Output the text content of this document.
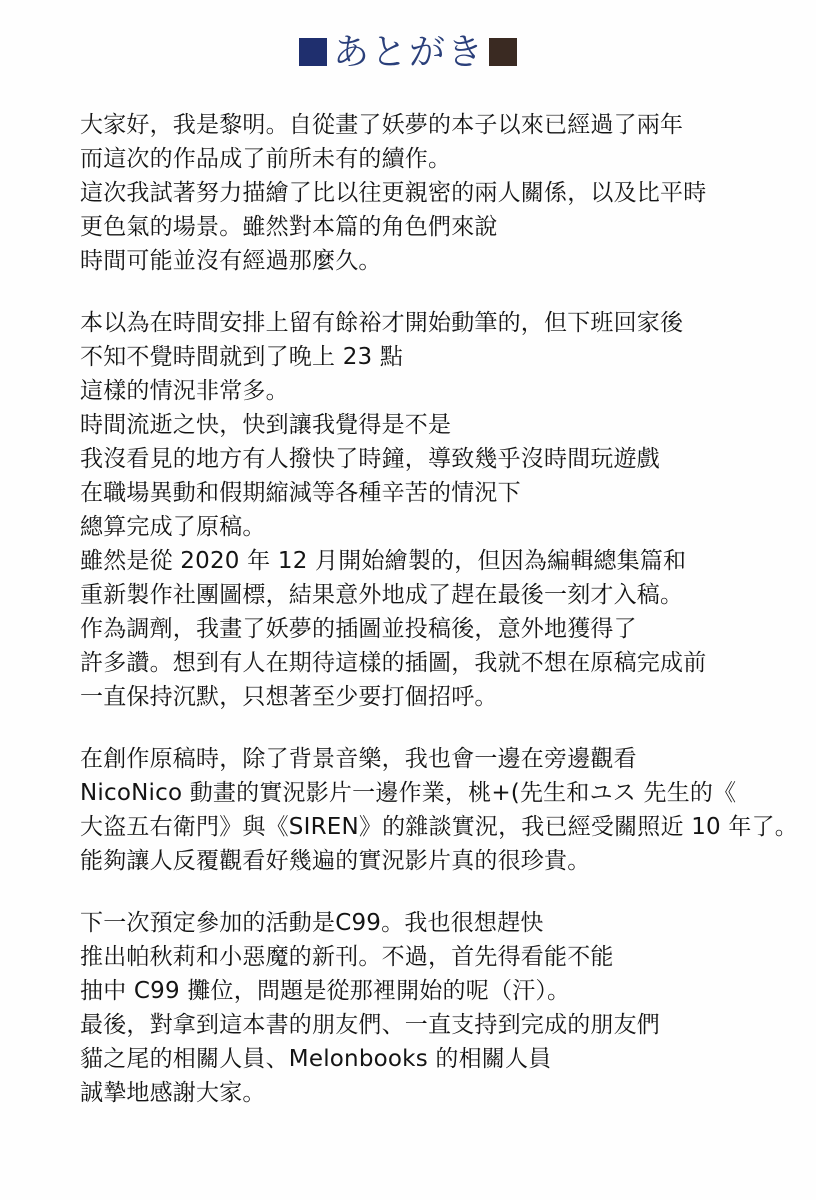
あとがき
大家好，我是黎明。自從畫了妖夢的本子以來已經過了兩年
而這次的作品成了前所未有的續作。
這次我試著努力描繪了比以往更親密的兩人關係，以及比平時
更色氣的場景。雖然對本篇的角色們來說
時間可能並沒有經過那麼久。
本以為在時間安排上留有餘裕才開始動筆的，但下班回家後
不知不覺時間就到了晚上 23 點
這樣的情況非常多。
時間流逝之快，快到讓我覺得是不是
我沒看見的地方有人撥快了時鐘，導致幾乎沒時間玩遊戲
在職場異動和假期縮減等各種辛苦的情況下
總算完成了原稿。
雖然是從 2020 年 12 月開始繪製的，但因為編輯總集篇和
重新製作社團圖標，結果意外地成了趕在最後一刻才入稿。
作為調劑，我畫了妖夢的插圖並投稿後，意外地獲得了
許多讚。想到有人在期待這樣的插圖，我就不想在原稿完成前
一直保持沉默，只想著至少要打個招呼。
在創作原稿時，除了背景音樂，我也會一邊在旁邊觀看
NicoNico 動畫的實況影片一邊作業，桃+(先生和ユス 先生的《
大盗五右衛門》與《SIREN》的雜談實況，我已經受關照近 10 年了。
能夠讓人反覆觀看好幾遍的實況影片真的很珍貴。
下一次預定參加的活動是C99。我也很想趕快
推出帕秋莉和小惡魔的新刊。不過，首先得看能不能
抽中 C99 攤位，問題是從那裡開始的呢（汗）。
最後，對拿到這本書的朋友們、一直支持到完成的朋友們
貓之尾的相關人員、Melonbooks 的相關人員
誠摯地感謝大家。
